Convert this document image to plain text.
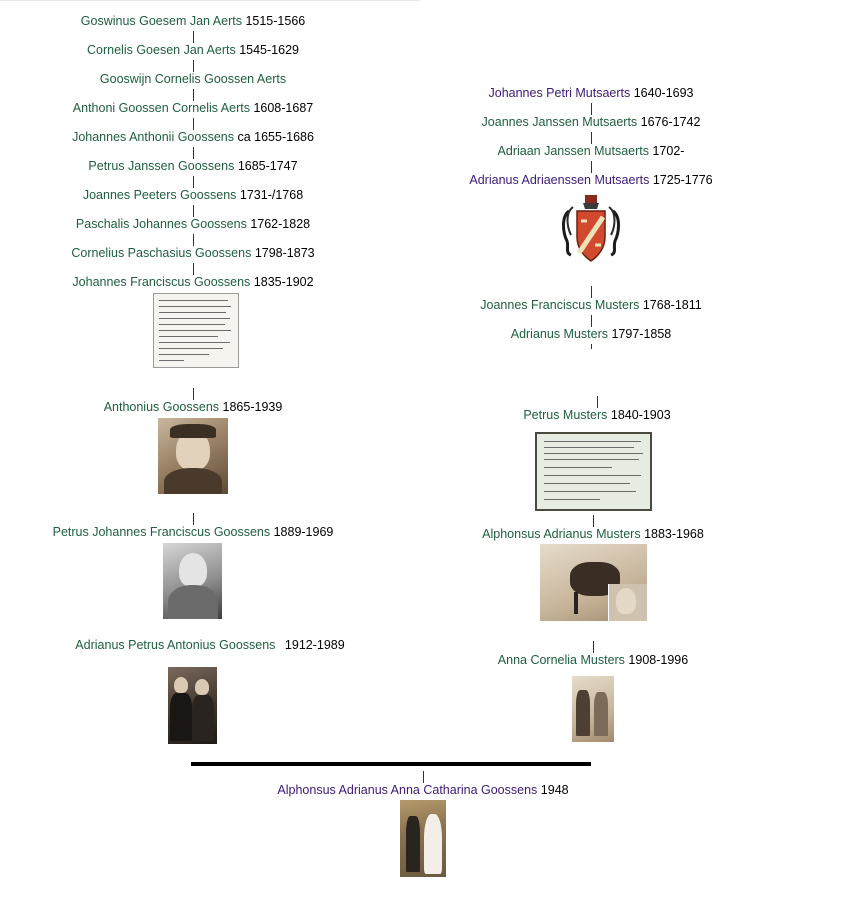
Goswinus Goesem Jan Aerts 1515-1566
Cornelis Goesen Jan Aerts 1545-1629
Gooswijn Cornelis Goossen Aerts
Anthoni Goossen Cornelis Aerts 1608-1687
Johannes Anthonii Goossens ca 1655-1686
Petrus Janssen Goossens 1685-1747
Joannes Peeters Goossens 1731-/1768
Paschalis Johannes Goossens 1762-1828
Cornelius Paschasius Goossens 1798-1873
Johannes Franciscus Goossens 1835-1902
Anthonius Goossens 1865-1939
Petrus Johannes Franciscus Goossens 1889-1969
Adrianus Petrus Antonius Goossens 1912-1989
Johannes Petri Mutsaerts 1640-1693
Joannes Janssen Mutsaerts 1676-1742
Adriaan Janssen Mutsaerts 1702-
Adrianus Adriaenssen Mutsaerts 1725-1776
Joannes Franciscus Musters 1768-1811
Adrianus Musters 1797-1858
Petrus Musters 1840-1903
Alphonsus Adrianus Musters 1883-1968
Anna Cornelia Musters 1908-1996
Alphonsus Adrianus Anna Catharina Goossens 1948
